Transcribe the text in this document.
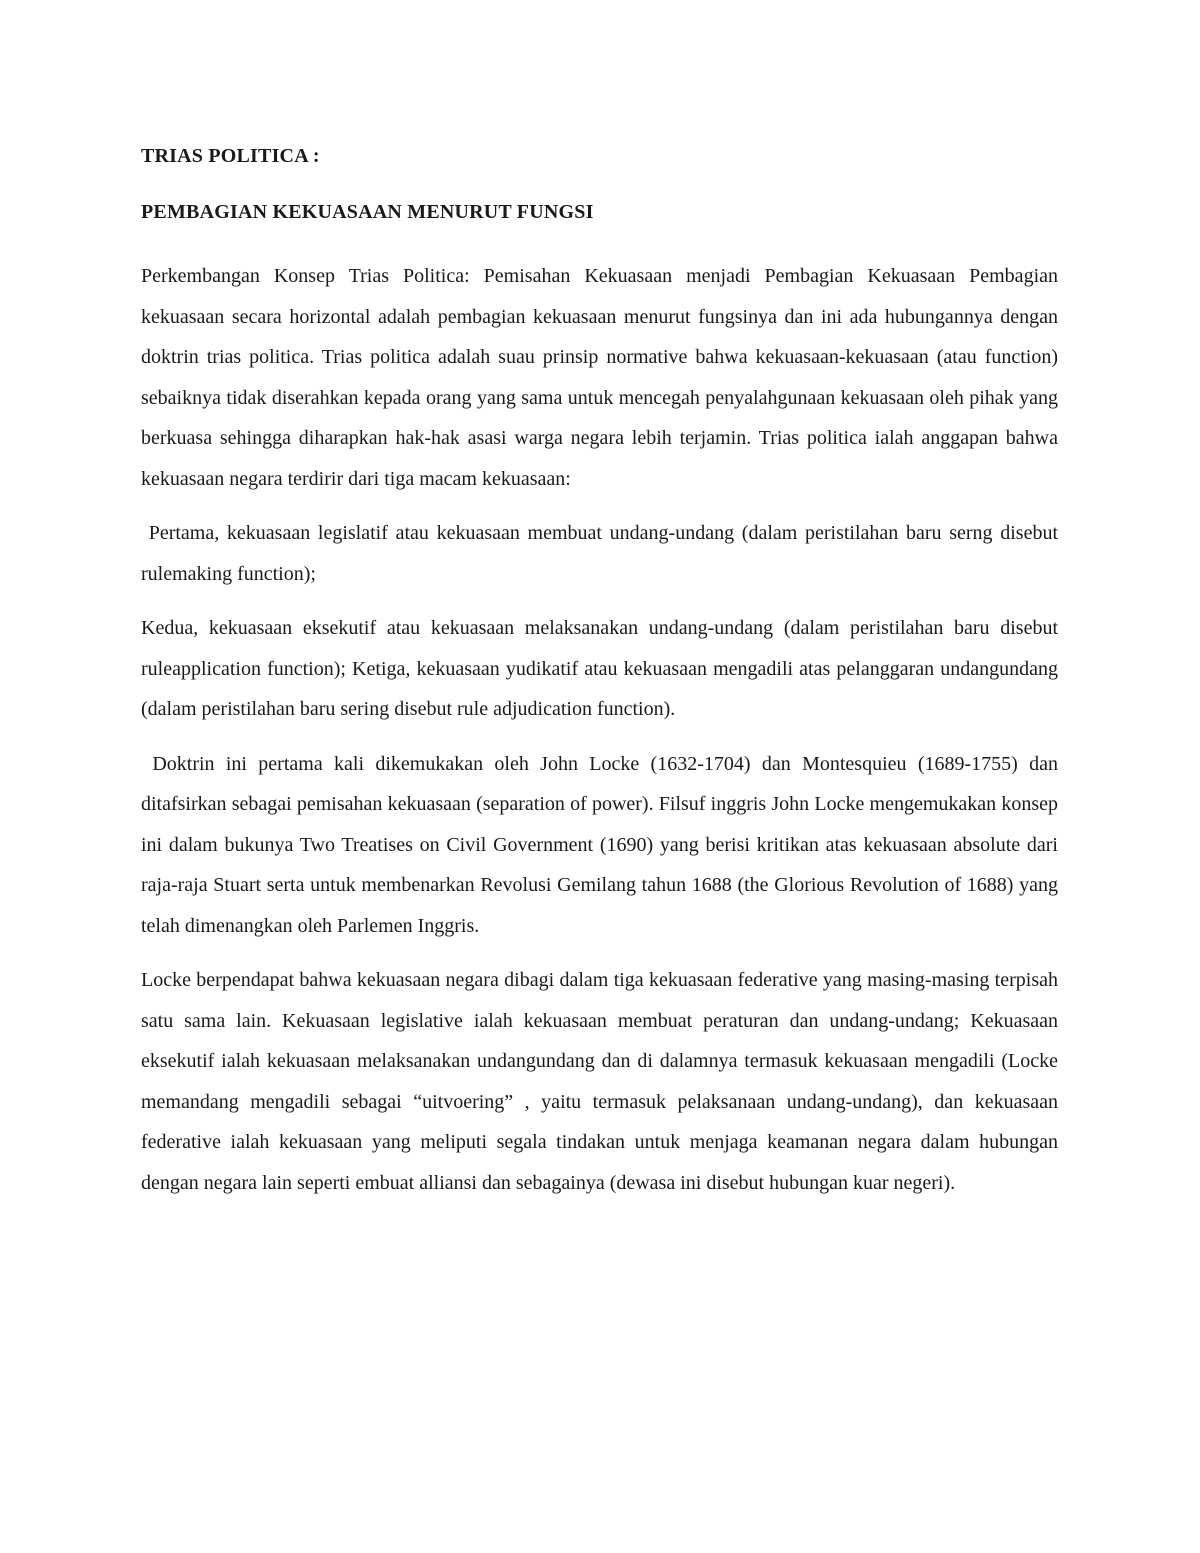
TRIAS POLITICA :
PEMBAGIAN KEKUASAAN MENURUT FUNGSI

Perkembangan Konsep Trias Politica: Pemisahan Kekuasaan menjadi Pembagian Kekuasaan Pembagian kekuasaan secara horizontal adalah pembagian kekuasaan menurut fungsinya dan ini ada hubungannya dengan doktrin trias politica. Trias politica adalah suau prinsip normative bahwa kekuasaan-kekuasaan (atau function) sebaiknya tidak diserahkan kepada orang yang sama untuk mencegah penyalahgunaan kekuasaan oleh pihak yang berkuasa sehingga diharapkan hak-hak asasi warga negara lebih terjamin. Trias politica ialah anggapan bahwa kekuasaan negara terdirir dari tiga macam kekuasaan:

Pertama, kekuasaan legislatif atau kekuasaan membuat undang-undang (dalam peristilahan baru serng disebut rulemaking function);

Kedua, kekuasaan eksekutif atau kekuasaan melaksanakan undang-undang (dalam peristilahan baru disebut ruleapplication function); Ketiga, kekuasaan yudikatif atau kekuasaan mengadili atas pelanggaran undangundang (dalam peristilahan baru sering disebut rule adjudication function).

Doktrin ini pertama kali dikemukakan oleh John Locke (1632-1704) dan Montesquieu (1689-1755) dan ditafsirkan sebagai pemisahan kekuasaan (separation of power). Filsuf inggris John Locke mengemukakan konsep ini dalam bukunya Two Treatises on Civil Government (1690) yang berisi kritikan atas kekuasaan absolute dari raja-raja Stuart serta untuk membenarkan Revolusi Gemilang tahun 1688 (the Glorious Revolution of 1688) yang telah dimenangkan oleh Parlemen Inggris.

Locke berpendapat bahwa kekuasaan negara dibagi dalam tiga kekuasaan federative yang masing-masing terpisah satu sama lain. Kekuasaan legislative ialah kekuasaan membuat peraturan dan undang-undang; Kekuasaan eksekutif ialah kekuasaan melaksanakan undangundang dan di dalamnya termasuk kekuasaan mengadili (Locke memandang mengadili sebagai “uitvoering” , yaitu termasuk pelaksanaan undang-undang), dan kekuasaan federative ialah kekuasaan yang meliputi segala tindakan untuk menjaga keamanan negara dalam hubungan dengan negara lain seperti embuat alliansi dan sebagainya (dewasa ini disebut hubungan kuar negeri).
